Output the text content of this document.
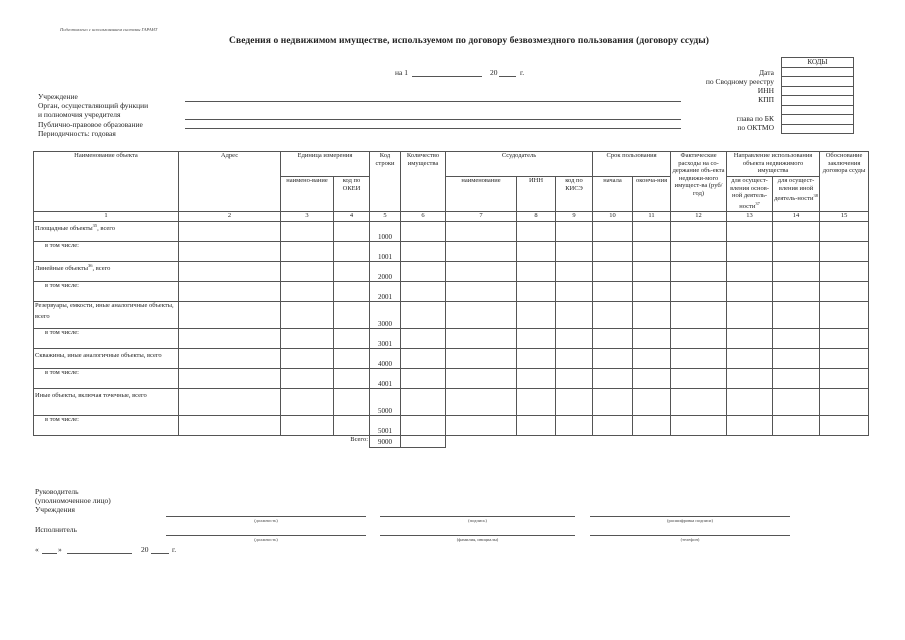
Подготовлено с использованием системы ГАРАНТ
Сведения о недвижимом имуществе, используемом по договору безвозмездного пользования (договору ссуды)
на 1	20	г.
КОДЫ

Дата
по Сводному реестру
ИНН
КПП
глава по БК
по ОКТМО
Учреждение
Орган, осуществляющий функции
и полномочия учредителя
Публично-правовое образование
Периодичность: годовая
Наименование объекта	Адрес	Единица измерения		Код строки	Количество имущества	Ссудодатель			Срок пользования		Фактические расходы на со-держание объ-екта недвижи-мого имущест-ва (руб/год)	Направление использования объекта недвижимого имущества		Обоснование заключения договора ссуды
		наимено-вание	код по ОКЕИ			наименование	ИНН	код по КИСЭ	начала	оконча-ния		для осущест-вления основ-ной деятель-ности$^{37}$	для осущест-вления иной деятель-ности$^{38}$
1	2	3	4	5	6	7	8	9	10	11	12	13	14	15
Площадные объекты$^{35}$, всего				1000										
в том числе:				1001										
Линейные объекты$^{36}$, всего				2000										
в том числе:				2001										
Резервуары, емкости, иные аналогичные объекты, всего				3000										
в том числе:				3001										
Скважины, иные аналогичные объекты, всего				4000										
в том числе:				4001										
Иные объекты, включая точечные, всего				5000										
в том числе:				5001										
Всего:				9000										
Руководитель
(уполномоченное лицо)
Учреждения
(должность)	(подпись)	(расшифровка подписи)
Исполнитель
(должность)	(фамилия, инициалы)	(телефон)
«	»	20	г.
